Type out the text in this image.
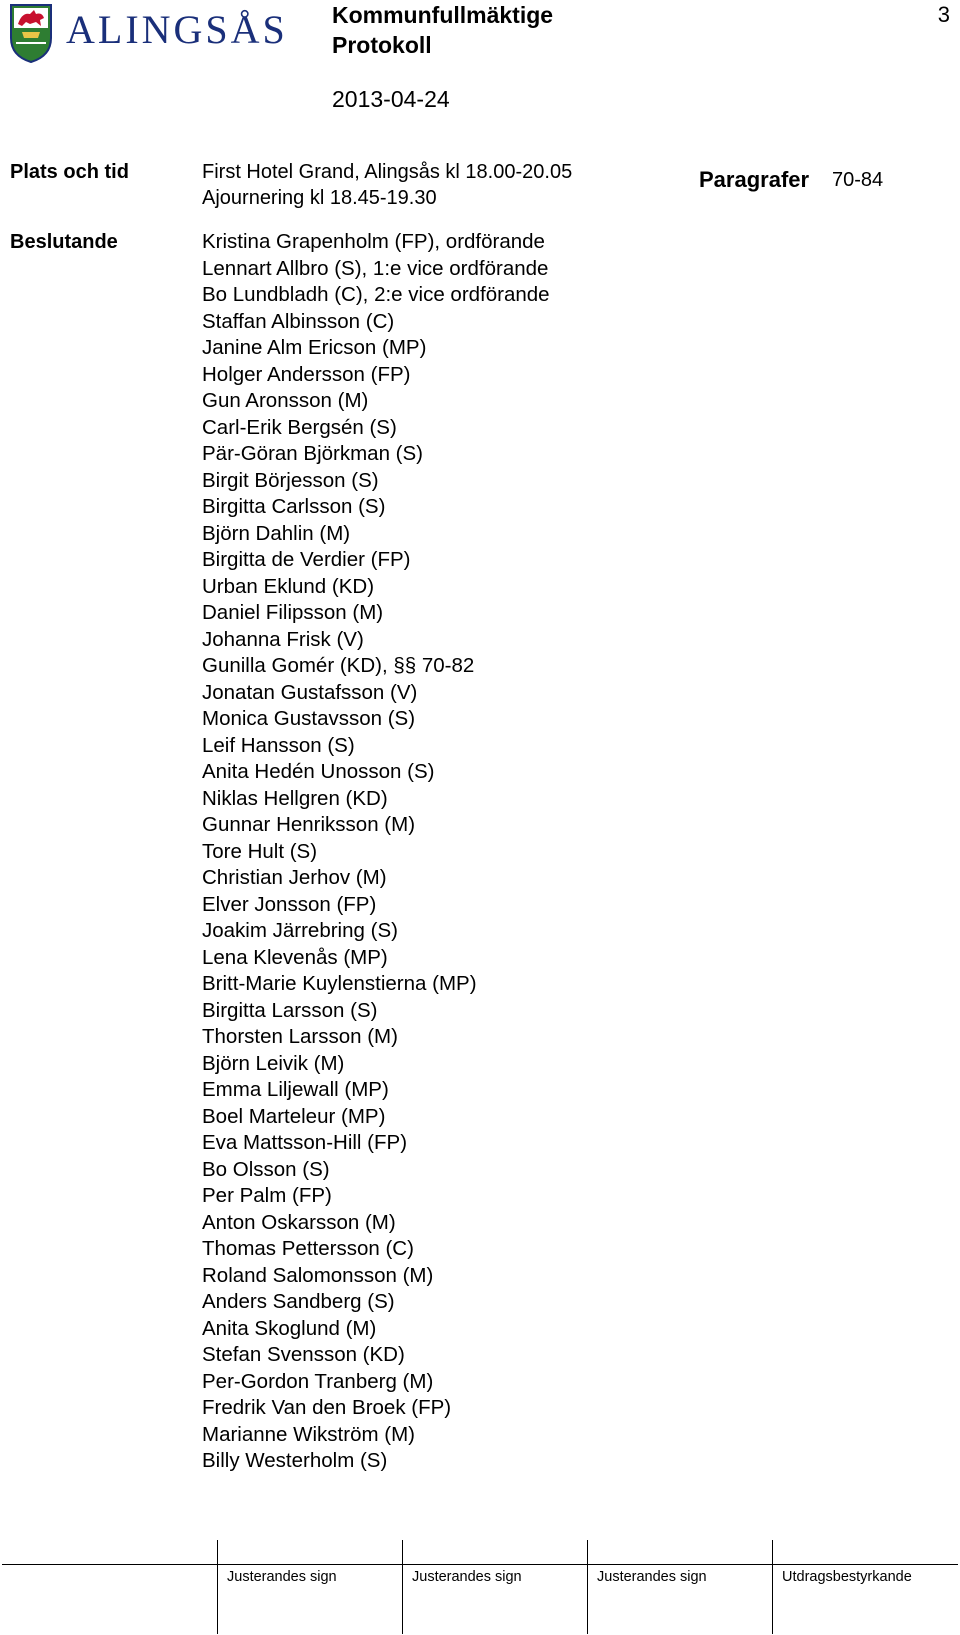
ALINGSÅS Kommunfullmäktige
Protokoll
2013-04-24
3
Plats och tid	First Hotel Grand, Alingsås kl 18.00-20.05
Ajournering kl 18.45-19.30
Paragrafer 70-84
Beslutande	Kristina Grapenholm (FP), ordförande
Lennart Allbro (S), 1:e vice ordförande
Bo Lundbladh (C), 2:e vice ordförande
Staffan Albinsson (C)
Janine Alm Ericson (MP)
Holger Andersson (FP)
Gun Aronsson (M)
Carl-Erik Bergsén (S)
Pär-Göran Björkman (S)
Birgit Börjesson (S)
Birgitta Carlsson (S)
Björn Dahlin (M)
Birgitta de Verdier (FP)
Urban Eklund (KD)
Daniel Filipsson (M)
Johanna Frisk (V)
Gunilla Gomér (KD), §§ 70-82
Jonatan Gustafsson (V)
Monica Gustavsson (S)
Leif Hansson (S)
Anita Hedén Unosson (S)
Niklas Hellgren (KD)
Gunnar Henriksson (M)
Tore Hult (S)
Christian Jerhov (M)
Elver Jonsson (FP)
Joakim Järrebring (S)
Lena Klevenås (MP)
Britt-Marie Kuylenstierna (MP)
Birgitta Larsson (S)
Thorsten Larsson (M)
Björn Leivik (M)
Emma Liljewall (MP)
Boel Marteleur (MP)
Eva Mattsson-Hill (FP)
Bo Olsson (S)
Per Palm (FP)
Anton Oskarsson (M)
Thomas Pettersson (C)
Roland Salomonsson (M)
Anders Sandberg (S)
Anita Skoglund (M)
Stefan Svensson (KD)
Per-Gordon Tranberg (M)
Fredrik Van den Broek (FP)
Marianne Wikström (M)
Billy Westerholm (S)
Justerandes sign	Justerandes sign	Justerandes sign	Utdragsbestyrkande
